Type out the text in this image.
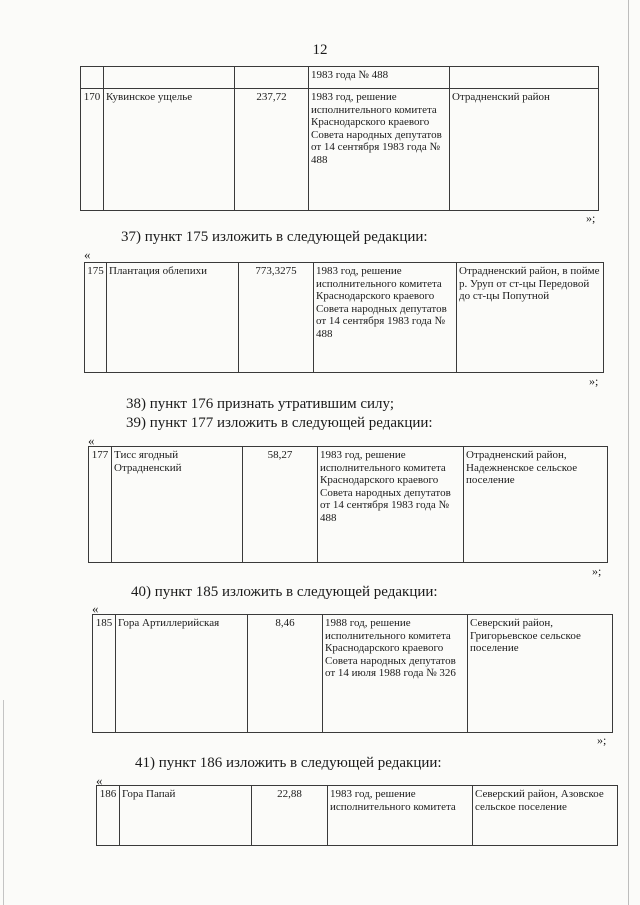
12
			1983 года № 488	
170	Кувинское ущелье	237,72	1983 год, решение исполнительного комитета Краснодарского краевого Совета народных депутатов от 14 сентября 1983 года № 488	Отрадненский район
»;
37) пункт 175 изложить в следующей редакции:
«
175	Плантация облепихи	773,3275	1983 год, решение исполнительного комитета Краснодарского краевого Совета народных депутатов от 14 сентября 1983 года № 488	Отрадненский район, в пойме р. Уруп от ст-цы Передовой до ст-цы Попутной
»;
38) пункт 176 признать утратившим силу;
39) пункт 177 изложить в следующей редакции:
«
177	Тисс ягодный Отрадненский	58,27	1983 год, решение исполнительного комитета Краснодарского краевого Совета народных депутатов от 14 сентября 1983 года № 488	Отрадненский район, Надежненское сельское поселение
»;
40) пункт 185 изложить в следующей редакции:
«
185	Гора Артиллерийская	8,46	1988 год, решение исполнительного комитета Краснодарского краевого Совета народных депутатов от 14 июля 1988 года № 326	Северский район, Григорьевское сельское поселение
»;
41) пункт 186 изложить в следующей редакции:
«
186	Гора Папай	22,88	1983 год, решение исполнительного комитета	Северский район, Азовское сельское поселение
